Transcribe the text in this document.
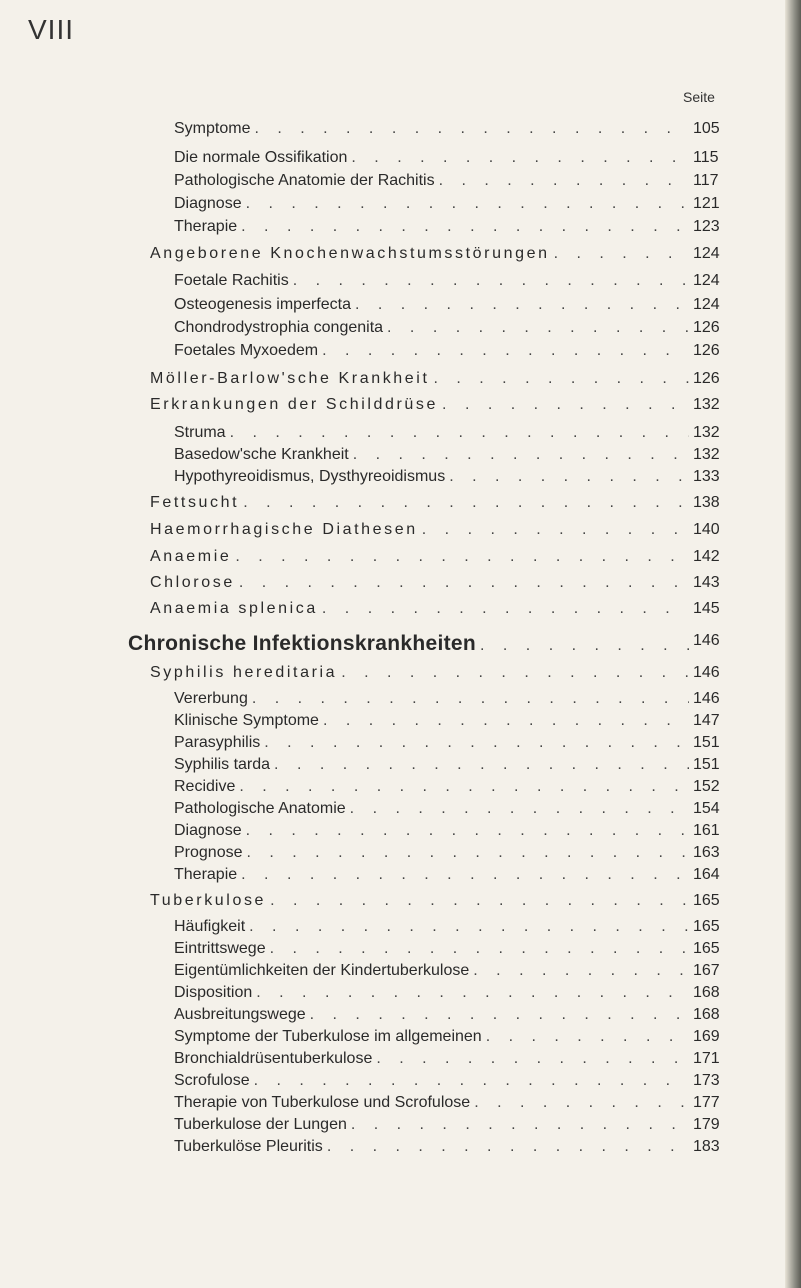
VIII
Seite
Symptome . . .	105
Die normale Ossifikation . . .	115
Pathologische Anatomie der Rachitis . . .	117
Diagnose . . .	121
Therapie . . .	123
Angeborene Knochenwachstumsstörungen . . .	124
Foetale Rachitis . . .	124
Osteogenesis imperfecta . . .	124
Chondrodystrophia congenita . . .	126
Foetales Myxoedem . . .	126
Möller-Barlow'sche Krankheit . . .	126
Erkrankungen der Schilddrüse . . .	132
Struma . . .	132
Basedow'sche Krankheit . . .	132
Hypothyreoidismus, Dysthyreoidismus . . .	133
Fettsucht . . .	138
Haemorrhagische Diathesen . . .	140
Anaemie . . .	142
Chlorose . . .	143
Anaemia splenica . . .	145
Chronische Infektionskrankheiten . . .	146
Syphilis hereditaria . . .	146
Vererbung . . .	146
Klinische Symptome . . .	147
Parasyphilis . . .	151
Syphilis tarda . . .	151
Recidive . . .	152
Pathologische Anatomie . . .	154
Diagnose . . .	161
Prognose . . .	163
Therapie . . .	164
Tuberkulose . . .	165
Häufigkeit . . .	165
Eintrittswege . . .	165
Eigentümlichkeiten der Kindertuberkulose . . .	167
Disposition . . .	168
Ausbreitungswege . . .	168
Symptome der Tuberkulose im allgemeinen . . .	169
Bronchialdrüsentuberkulose . . .	171
Scrofulose . . .	173
Therapie von Tuberkulose und Scrofulose . . .	177
Tuberkulose der Lungen . . .	179
Tuberkulöse Pleuritis . . .	183
